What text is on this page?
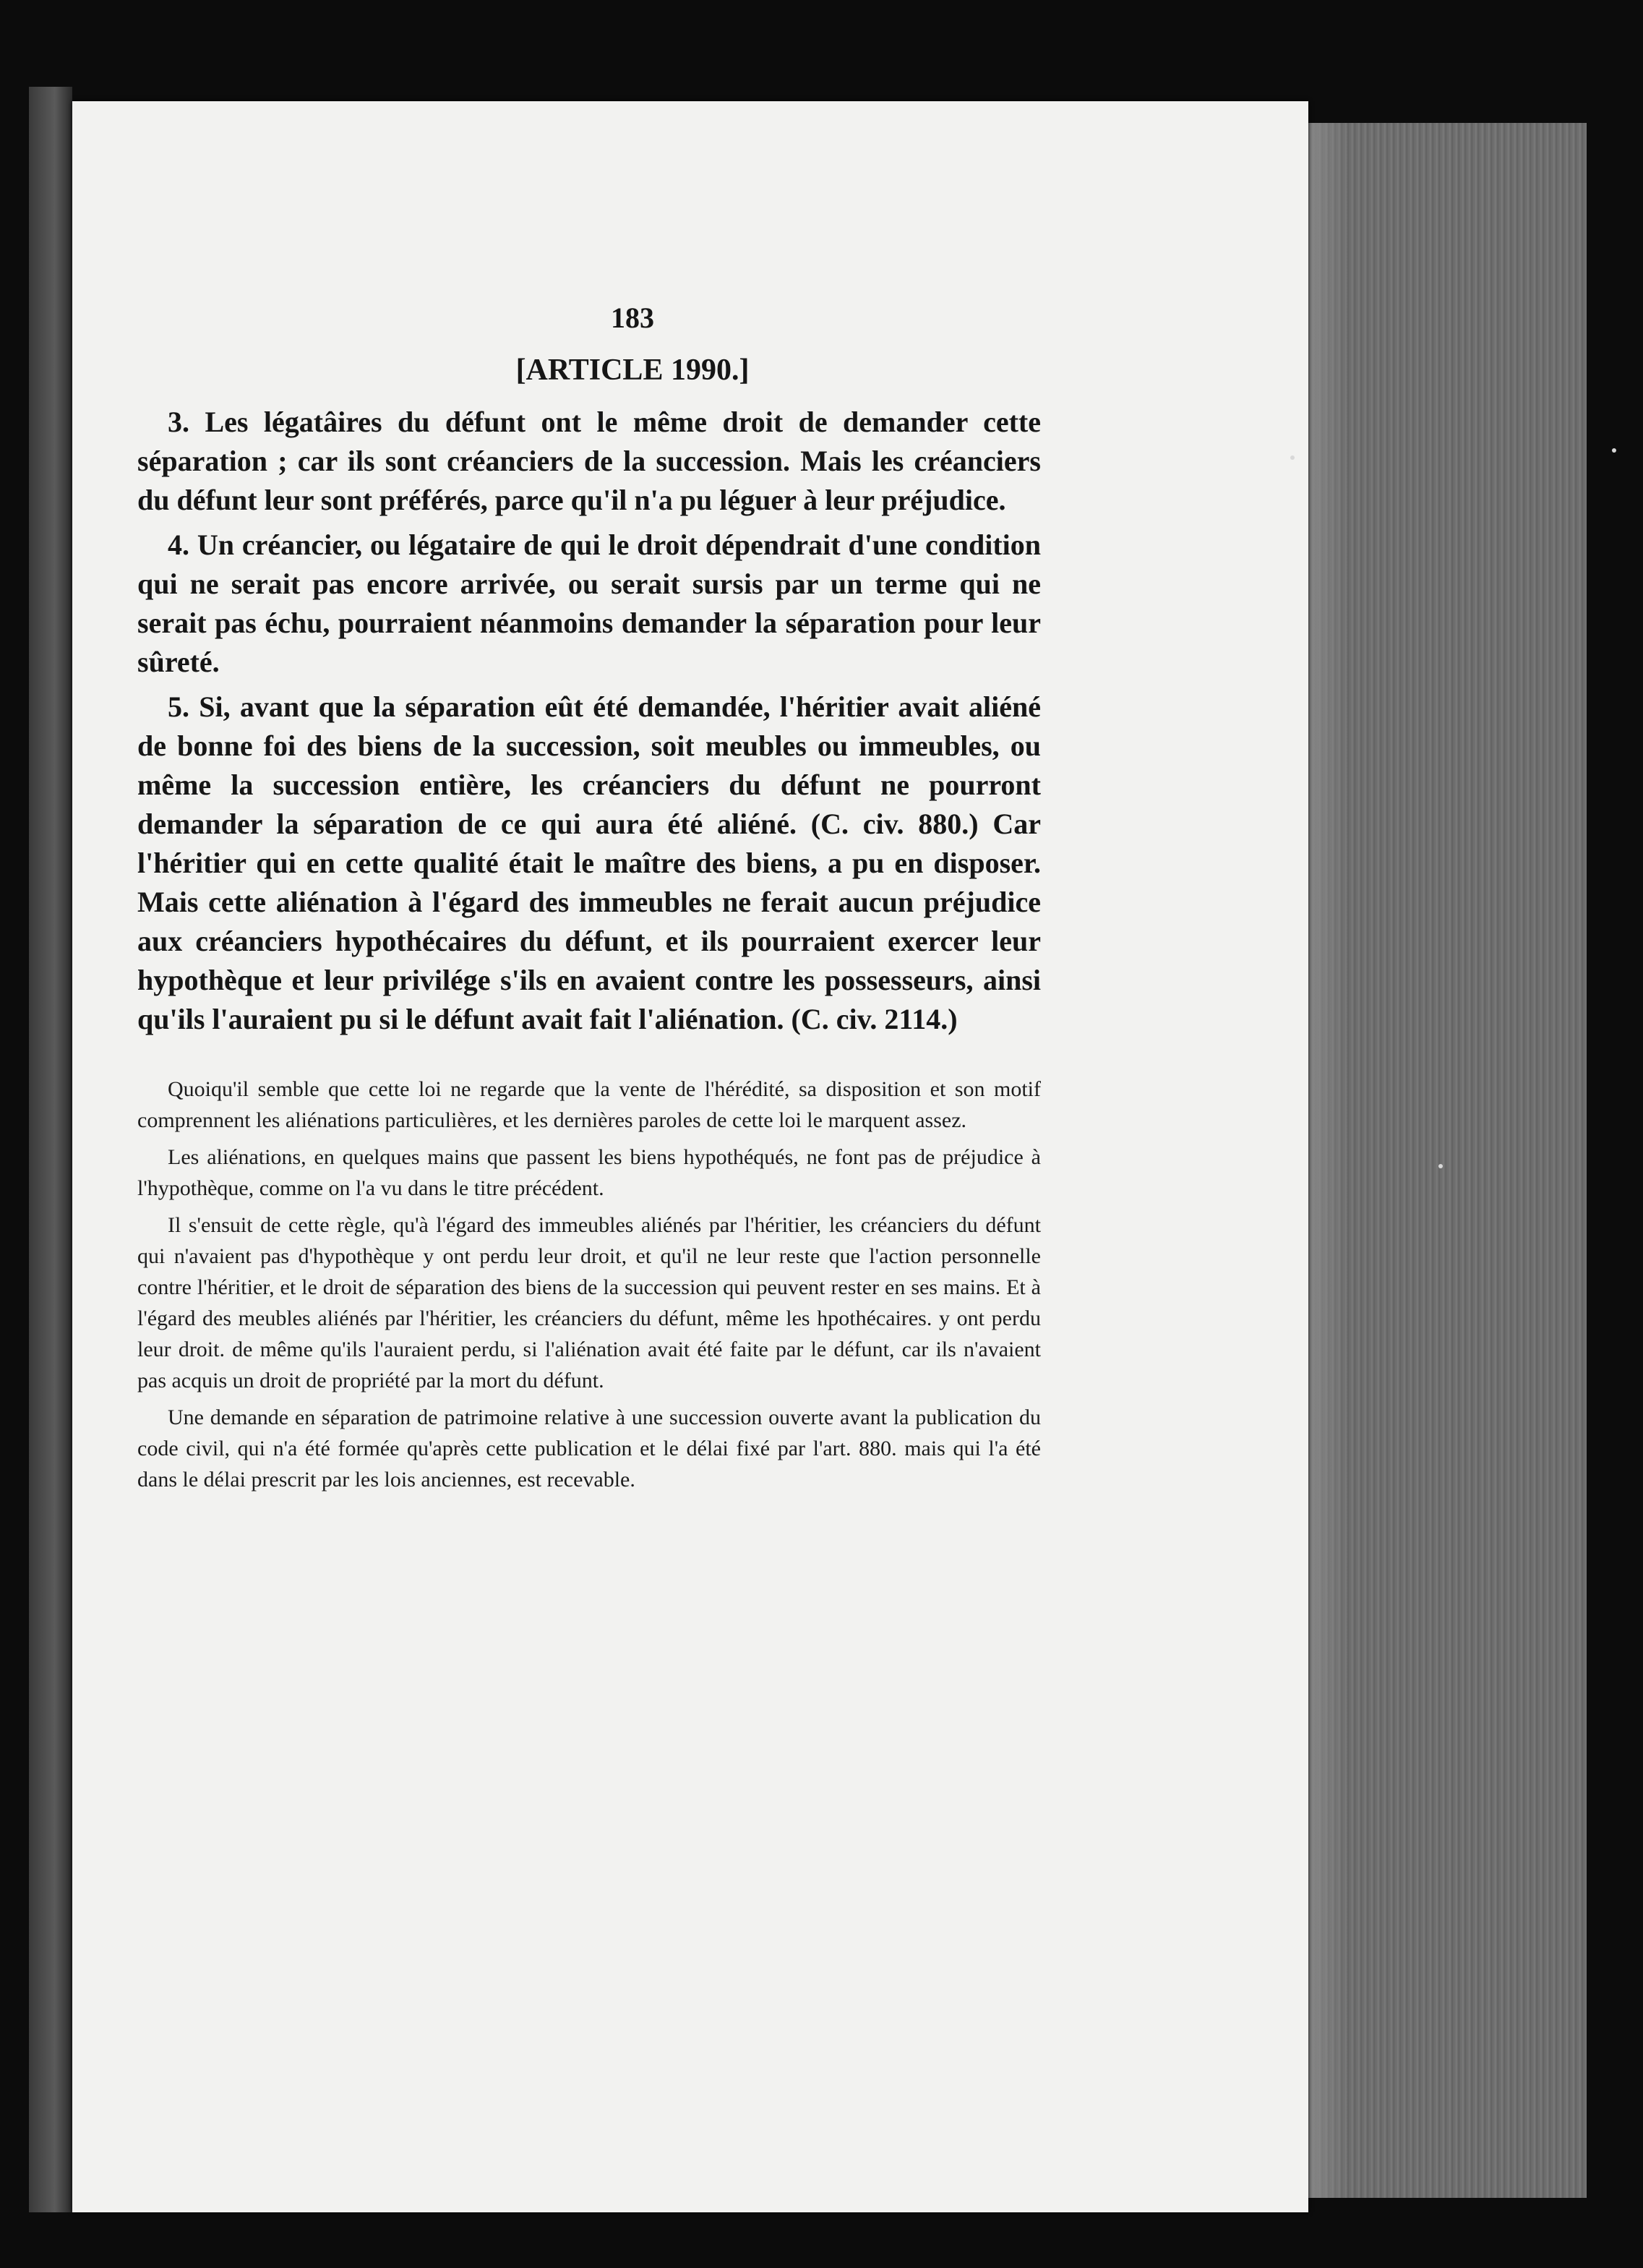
183
[ARTICLE 1990.]

3. Les légatâires du défunt ont le même droit de demander cette séparation ; car ils sont créanciers de la succession. Mais les créanciers du défunt leur sont préférés, parce qu'il n'a pu léguer à leur préjudice.

4. Un créancier, ou légataire de qui le droit dépendrait d'une condition qui ne serait pas encore arrivée, ou serait sursis par un terme qui ne serait pas échu, pourraient néanmoins demander la séparation pour leur sûreté.

5. Si, avant que la séparation eût été demandée, l'héritier avait aliéné de bonne foi des biens de la succession, soit meubles ou immeubles, ou même la succession entière, les créanciers du défunt ne pourront demander la séparation de ce qui aura été aliéné. (C. civ. 880.) Car l'héritier qui en cette qualité était le maître des biens, a pu en disposer. Mais cette aliénation à l'égard des immeubles ne ferait aucun préjudice aux créanciers hypothécaires du défunt, et ils pourraient exercer leur hypothèque et leur privilége s'ils en avaient contre les possesseurs, ainsi qu'ils l'auraient pu si le défunt avait fait l'aliénation. (C. civ. 2114.)

Quoiqu'il semble que cette loi ne regarde que la vente de l'hérédité, sa disposition et son motif comprennent les aliénations particulières, et les dernières paroles de cette loi le marquent assez.

Les aliénations, en quelques mains que passent les biens hypothéqués, ne font pas de préjudice à l'hypothèque, comme on l'a vu dans le titre précédent.

Il s'ensuit de cette règle, qu'à l'égard des immeubles aliénés par l'héritier, les créanciers du défunt qui n'avaient pas d'hypothèque y ont perdu leur droit, et qu'il ne leur reste que l'action personnelle contre l'héritier, et le droit de séparation des biens de la succession qui peuvent rester en ses mains. Et à l'égard des meubles aliénés par l'héritier, les créanciers du défunt, même les hpothécaires. y ont perdu leur droit. de même qu'ils l'auraient perdu, si l'aliénation avait été faite par le défunt, car ils n'avaient pas acquis un droit de propriété par la mort du défunt.

Une demande en séparation de patrimoine relative à une succession ouverte avant la publication du code civil, qui n'a été formée qu'après cette publication et le délai fixé par l'art. 880. mais qui l'a été dans le délai prescrit par les lois anciennes, est recevable.
